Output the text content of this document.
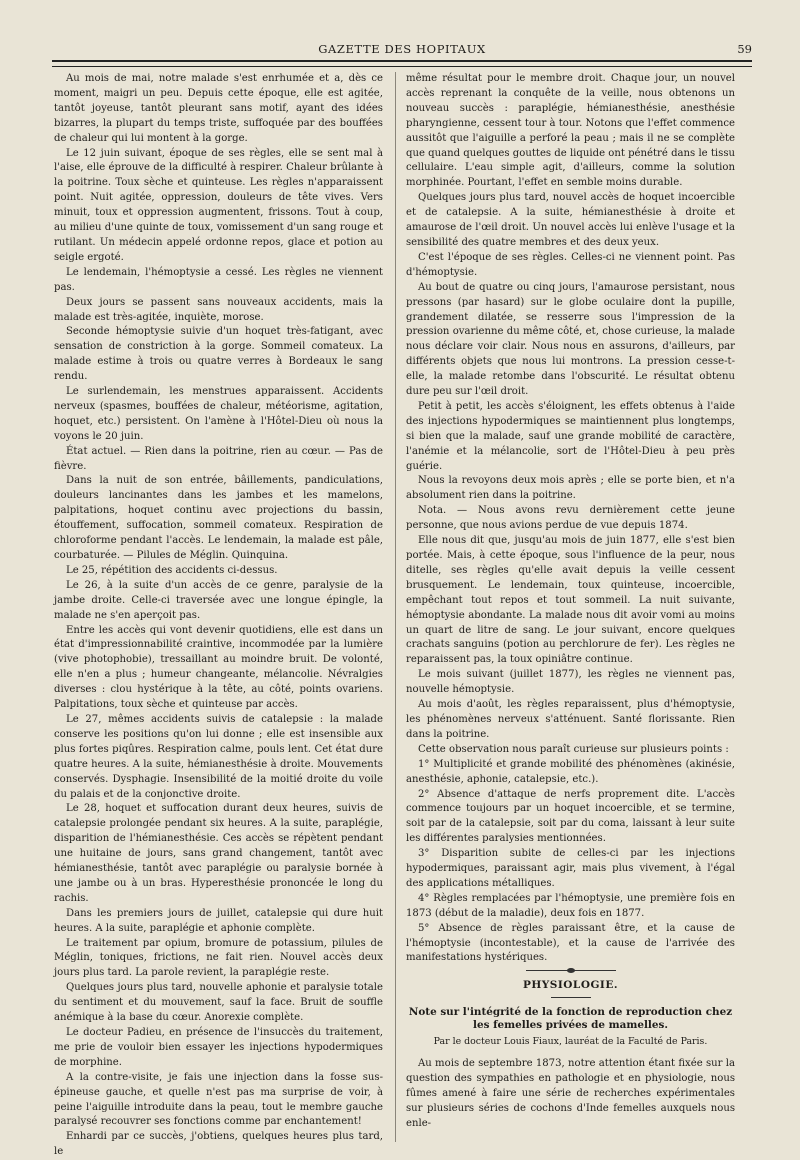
GAZETTE DES HOPITAUX	59

Au mois de mai, notre malade s'est enrhumée et a, dès ce moment, maigri un peu. Depuis cette époque, elle est agitée, tantôt joyeuse, tantôt pleurant sans motif, ayant des idées bizarres, la plupart du temps triste, suffoquée par des bouffées de chaleur qui lui montent à la gorge.

Le 12 juin suivant, époque de ses règles, elle se sent mal à l'aise, elle éprouve de la difficulté à respirer. Chaleur brûlante à la poitrine. Toux sèche et quinteuse. Les règles n'apparaissent point. Nuit agitée, oppression, douleurs de tête vives. Vers minuit, toux et oppression augmentent, frissons. Tout à coup, au milieu d'une quinte de toux, vomissement d'un sang rouge et rutilant. Un médecin appelé ordonne repos, glace et potion au seigle ergoté.

Le lendemain, l'hémoptysie a cessé. Les règles ne viennent pas.

Deux jours se passent sans nouveaux accidents, mais la malade est très-agitée, inquiète, morose.

Seconde hémoptysie suivie d'un hoquet très-fatigant, avec sensation de constriction à la gorge. Sommeil comateux. La malade estime à trois ou quatre verres à Bordeaux le sang rendu.

Le surlendemain, les menstrues apparaissent. Accidents nerveux (spasmes, bouffées de chaleur, météorisme, agitation, hoquet, etc.) persistent. On l'amène à l'Hôtel-Dieu où nous la voyons le 20 juin.

État actuel. — Rien dans la poitrine, rien au cœur. — Pas de fièvre.

Dans la nuit de son entrée, bâillements, pandiculations, douleurs lancinantes dans les jambes et les mamelons, palpitations, hoquet continu avec projections du bassin, étouffement, suffocation, sommeil comateux. Respiration de chloroforme pendant l'accès. Le lendemain, la malade est pâle, courbaturée. — Pilules de Méglin. Quinquina.

Le 25, répétition des accidents ci-dessus.

Le 26, à la suite d'un accès de ce genre, paralysie de la jambe droite. Celle-ci traversée avec une longue épingle, la malade ne s'en aperçoit pas.

Entre les accès qui vont devenir quotidiens, elle est dans un état d'impressionnabilité craintive, incommodée par la lumière (vive photophobie), tressaillant au moindre bruit. De volonté, elle n'en a plus ; humeur changeante, mélancolie. Névralgies diverses : clou hystérique à la tête, au côté, points ovariens. Palpitations, toux sèche et quinteuse par accès.

Le 27, mêmes accidents suivis de catalepsie : la malade conserve les positions qu'on lui donne ; elle est insensible aux plus fortes piqûres. Respiration calme, pouls lent. Cet état dure quatre heures. A la suite, hémianesthésie à droite. Mouvements conservés. Dysphagie. Insensibilité de la moitié droite du voile du palais et de la conjonctive droite.

Le 28, hoquet et suffocation durant deux heures, suivis de catalepsie prolongée pendant six heures. A la suite, paraplégie, disparition de l'hémianesthésie. Ces accès se répètent pendant une huitaine de jours, sans grand changement, tantôt avec hémianesthésie, tantôt avec paraplégie ou paralysie bornée à une jambe ou à un bras. Hyperesthésie prononcée le long du rachis.

Dans les premiers jours de juillet, catalepsie qui dure huit heures. A la suite, paraplégie et aphonie complète.

Le traitement par opium, bromure de potassium, pilules de Méglin, toniques, frictions, ne fait rien. Nouvel accès deux jours plus tard. La parole revient, la paraplégie reste.

Quelques jours plus tard, nouvelle aphonie et paralysie totale du sentiment et du mouvement, sauf la face. Bruit de souffle anémique à la base du cœur. Anorexie complète.

Le docteur Padieu, en présence de l'insuccès du traitement, me prie de vouloir bien essayer les injections hypodermiques de morphine.

A la contre-visite, je fais une injection dans la fosse sus-épineuse gauche, et quelle n'est pas ma surprise de voir, à peine l'aiguille introduite dans la peau, tout le membre gauche paralysé recouvrer ses fonctions comme par enchantement!

Enhardi par ce succès, j'obtiens, quelques heures plus tard, le

même résultat pour le membre droit. Chaque jour, un nouvel accès reprenant la conquête de la veille, nous obtenons un nouveau succès : paraplégie, hémianesthésie, anesthésie pharyngienne, cessent tour à tour. Notons que l'effet commence aussitôt que l'aiguille a perforé la peau ; mais il ne se complète que quand quelques gouttes de liquide ont pénétré dans le tissu cellulaire. L'eau simple agit, d'ailleurs, comme la solution morphinée. Pourtant, l'effet en semble moins durable.

Quelques jours plus tard, nouvel accès de hoquet incoercible et de catalepsie. A la suite, hémianesthésie à droite et amaurose de l'œil droit. Un nouvel accès lui enlève l'usage et la sensibilité des quatre membres et des deux yeux.

C'est l'époque de ses règles. Celles-ci ne viennent point. Pas d'hémoptysie.

Au bout de quatre ou cinq jours, l'amaurose persistant, nous pressons (par hasard) sur le globe oculaire dont la pupille, grandement dilatée, se resserre sous l'impression de la pression ovarienne du même côté, et, chose curieuse, la malade nous déclare voir clair. Nous nous en assurons, d'ailleurs, par différents objets que nous lui montrons. La pression cesse-t-elle, la malade retombe dans l'obscurité. Le résultat obtenu dure peu sur l'œil droit.

Petit à petit, les accès s'éloignent, les effets obtenus à l'aide des injections hypodermiques se maintiennent plus longtemps, si bien que la malade, sauf une grande mobilité de caractère, l'anémie et la mélancolie, sort de l'Hôtel-Dieu à peu près guérie.

Nous la revoyons deux mois après ; elle se porte bien, et n'a absolument rien dans la poitrine.

Nota. — Nous avons revu dernièrement cette jeune personne, que nous avions perdue de vue depuis 1874.

Elle nous dit que, jusqu'au mois de juin 1877, elle s'est bien portée. Mais, à cette époque, sous l'influence de la peur, nous ditelle, ses règles qu'elle avait depuis la veille cessent brusquement. Le lendemain, toux quinteuse, incoercible, empêchant tout repos et tout sommeil. La nuit suivante, hémoptysie abondante. La malade nous dit avoir vomi au moins un quart de litre de sang. Le jour suivant, encore quelques crachats sanguins (potion au perchlorure de fer). Les règles ne reparaissent pas, la toux opiniâtre continue.

Le mois suivant (juillet 1877), les règles ne viennent pas, nouvelle hémoptysie.

Au mois d'août, les règles reparaissent, plus d'hémoptysie, les phénomènes nerveux s'atténuent. Santé florissante. Rien dans la poitrine.

Cette observation nous paraît curieuse sur plusieurs points :

1° Multiplicité et grande mobilité des phénomènes (akinésie, anesthésie, aphonie, catalepsie, etc.).

2° Absence d'attaque de nerfs proprement dite. L'accès commence toujours par un hoquet incoercible, et se termine, soit par de la catalepsie, soit par du coma, laissant à leur suite les différentes paralysies mentionnées.

3° Disparition subite de celles-ci par les injections hypodermiques, paraissant agir, mais plus vivement, à l'égal des applications métalliques.

4° Règles remplacées par l'hémoptysie, une première fois en 1873 (début de la maladie), deux fois en 1877.

5° Absence de règles paraissant être, et la cause de l'hémoptysie (incontestable), et la cause de l'arrivée des manifestations hystériques.

PHYSIOLOGIE.
Note sur l'intégrité de la fonction de reproduction chez les femelles privées de mamelles.
Par le docteur Louis Fiaux, lauréat de la Faculté de Paris.

Au mois de septembre 1873, notre attention étant fixée sur la question des sympathies en pathologie et en physiologie, nous fûmes amené à faire une série de recherches expérimentales sur plusieurs séries de cochons d'Inde femelles auxquels nous enle-
